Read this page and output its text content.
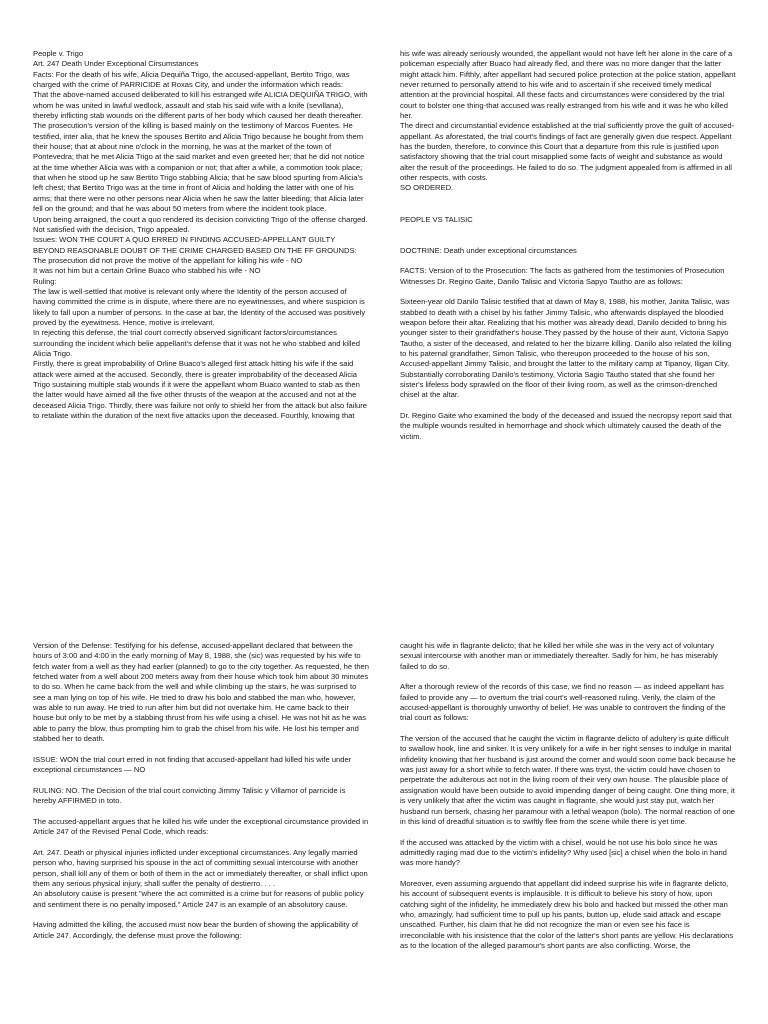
People v. Trigo

Art. 247 Death Under Exceptional Cirsumstances

Facts: For the death of his wife, Alicia Dequiña Trigo, the accused-appellant, Bertito Trigo, was charged with the crime of PARRICIDE at Roxas City, and under the information which reads:

That the above-named accused deliberated to kill his estranged wife ALICIA DEQUIÑA TRIGO, with whom he was united in lawful wedlock, assault and stab his said wife with a knife (sevillana), thereby inflicting stab wounds on the different parts of her body which caused her death thereafter.

The prosecution's version of the killing is based mainly on the testimony of Marcos Fuentes. He testified, inter alia, that he knew the spouses Bertito and Alicia Trigo because he bought from them their house; that at about nine o'clock in the morning, he was at the market of the town of Pontevedra; that he met Alicia Trigo at the said market and even greeted her; that he did not notice at the time whether Alicia was with a companion or not; that after a while, a commotion took place; that when he stood up he saw Bertito Trigo stabbing Alicia; that he saw blood spurting from Alicia's left chest; that Bertito Trigo was at the time in front of Alicia and holding the latter with one of his arms; that there were no other persons near Alicia when he saw the latter bleeding; that Alicia later fell on the ground; and that he was about 50 meters from where the incident took place.

Upon being arraigned, the court a quo rendered its decision convicting Trigo of the offense charged. Not satisfied with the decision, Trigo appealed.

Issues: WON THE COURT A QUO ERRED IN FINDING ACCUSED-APPELLANT GUILTY BEYOND REASONABLE DOUBT OF THE CRIME CHARGED BASED ON THE FF GROUNDS:

The prosecution did not prove the motive of the appellant for killing his wife - NO

It was not him but a certain Orline Buaco who stabbed his wife - NO

Ruling:

The law is well-settled that motive is relevant only where the Identity of the person accused of having committed the crime is in dispute, where there are no eyewitnesses, and where suspicion is likely to fall upon a number of persons. In the case at bar, the Identity of the accused was positively proved by the eyewitness. Hence, motive is irrelevant.

In rejecting this defense, the trial court correctly observed significant factors/circumstances surrounding the incident which belie appellant's defense that it was not he who stabbed and killed Alicia Trigo.

Firstly, there is great improbability of Orline Buaco's alleged first attack hitting his wife if the said attack were aimed at the accused. Secondly, there is greater improbability of the deceased Alicia Trigo sustaining multiple stab wounds if it were the appellant whom Buaco wanted to stab as then the latter would have aimed all the five other thrusts of the weapon at the accused and not at the deceased Alicia Trigo. Thirdly, there was failure not only to shield her from the attack but also failure to retaliate within the duration of the next five attacks upon the deceased. Fourthly, knowing that

his wife was already seriously wounded, the appellant would not have left her alone in the care of a policeman especially after Buaco had already fled, and there was no more danger that the latter might attack him. Fifthly, after appellant had secured police protection at the police station, appellant never returned to personally attend to his wife and to ascertain if she received timely medical attention at the provincial hospital. All these facts and circumstances were considered by the trial court to bolster one thing-that accused was really estranged from his wife and it was he who killed her.

The direct and circumstantial evidence established at the trial sufficiently prove the guilt of accused-appellant. As aforestated, the trial court's findings of fact are generally given due respect. Appellant has the burden, therefore, to convince this Court that a departure from this rule is justified upon satisfactory showing that the trial court misapplied some facts of weight and substance as would alter the result of the proceedings. He failed to do so. The judgment appealed from is affirmed in all other respects, with costs.

SO ORDERED.

PEOPLE VS TALISIC

DOCTRINE: Death under exceptional circumstances

FACTS: Version of to the Prosecution: The facts as gathered from the testimonies of Prosecution Witnesses Dr. Regino Gaite, Danilo Talisic and Victoria Sapyo Tautho are as follows:

Sixteen-year old Danilo Talisic testified that at dawn of May 8, 1988, his mother, Janita Talisic, was stabbed to death with a chisel by his father Jimmy Talisic, who afterwards displayed the bloodied weapon before their altar. Realizing that his mother was already dead, Danilo decided to bring his younger sister to their grandfather's house.They passed by the house of their aunt, Victoria Sapyo Tautho, a sister of the deceased, and related to her the bizarre killing. Danilo also related the killing to his paternal grandfather, Simon Talisic, who thereupon proceeded to the house of his son, Accused-appellant Jimmy Talisic, and brought the latter to the military camp at Tipanoy, Iligan City. Substantially corroborating Danilo's testimony, Victoria Sagio Tautho stated that she found her sister's lifeless body sprawled on the floor of their living room, as well as the crimson-drenched chisel at the altar.

Dr. Regino Gaite who examined the body of the deceased and issued the necropsy report said that the multiple wounds resulted in hemorrhage and shock which ultimately caused the death of the victim.

Version of the Defense: Testifying for his defense, accused-appellant declared that between the hours of 3:00 and 4:00 in the early morning of May 8, 1988, she (sic) was requested by his wife to fetch water from a well as they had earlier (planned) to go to the city together. As requested, he then fetched water from a well about 200 meters away from their house which took him about 30 minutes to do so. When he came back from the well and while climbing up the stairs, he was surprised to see a man lying on top of his wife. He tried to draw his bolo and stabbed the man who, however, was able to run away. He tried to run after him but did not overtake him. He came back to their house but only to be met by a stabbing thrust from his wife using a chisel. He was not hit as he was able to parry the blow, thus prompting him to grab the chisel from his wife. He lost his temper and stabbed her to death.

ISSUE: WON the trial court erred in not finding that accused-appellant had killed his wife under exceptional circumstances — NO

RULING: NO. The Decision of the trial court convicting Jimmy Talisic y Villamor of parricide is hereby AFFIRMED in toto.

The accused-appellant argues that he killed his wife under the exceptional circumstance provided in Article 247 of the Revised Penal Code, which reads:

Art. 247. Death or physical injuries inflicted under exceptional circumstances. Any legally married person who, having surprised his spouse in the act of committing sexual intercourse with another person, shall kill any of them or both of them in the act or immediately thereafter, or shall inflict upon them any serious physical injury, shall suffer the penalty of destierro. . . .

An absolutory cause is present "where the act committed is a crime but for reasons of public policy and sentiment there is no penalty imposed." Article 247 is an example of an absolutory cause.

Having admitted the killing, the accused must now bear the burden of showing the applicability of Article 247. Accordingly, the defense must prove the following:

caught his wife in flagrante delicto; that he killed her while she was in the very act of voluntary sexual intercourse with another man or immediately thereafter. Sadly for him, he has miserably failed to do so.

After a thorough review of the records of this case, we find no reason — as indeed appellant has failed to provide any — to overturn the trial court's well-reasoned ruling. Verily, the claim of the accused-appellant is thoroughly unworthy of belief. He was unable to controvert the finding of the trial court as follows:

The version of the accused that he caught the victim in flagrante delicto of adultery is quite difficult to swallow hook, line and sinker. It is very unlikely for a wife in her right senses to indulge in marital infidelity knowing that her husband is just around the corner and would soon come back because he was just away for a short while to fetch water. If there was tryst, the victim could have chosen to perpetrate the adulterous act not in the living room of their very own house. The plausible place of assignation would have been outside to avoid impending danger of being caught. One thing more, it is very unlikely that after the victim was caught in flagrante, she would just stay put, watch her husband run berserk, chasing her paramour with a lethal weapon (bolo). The normal reaction of one in this kind of dreadful situation is to swiftly flee from the scene while there is yet time.

If the accused was attacked by the victim with a chisel, would he not use his bolo since he was admittedly raging mad due to the victim's infidelity? Why used [sic] a chisel when the bolo in hand was more handy?

Moreover, even assuming arguendo that appellant did indeed surprise his wife in flagrante delicto, his account of subsequent events is implausible. It is difficult to believe his story of how, upon catching sight of the infidelity, he immediately drew his bolo and hacked but missed the other man who, amazingly, had sufficient time to pull up his pants, button up, elude said attack and escape unscathed. Further, his claim that he did not recognize the man or even see his face is irreconcilable with his insistence that the color of the latter's short pants are yellow. His declarations as to the location of the alleged paramour's short pants are also conflicting. Worse, the
